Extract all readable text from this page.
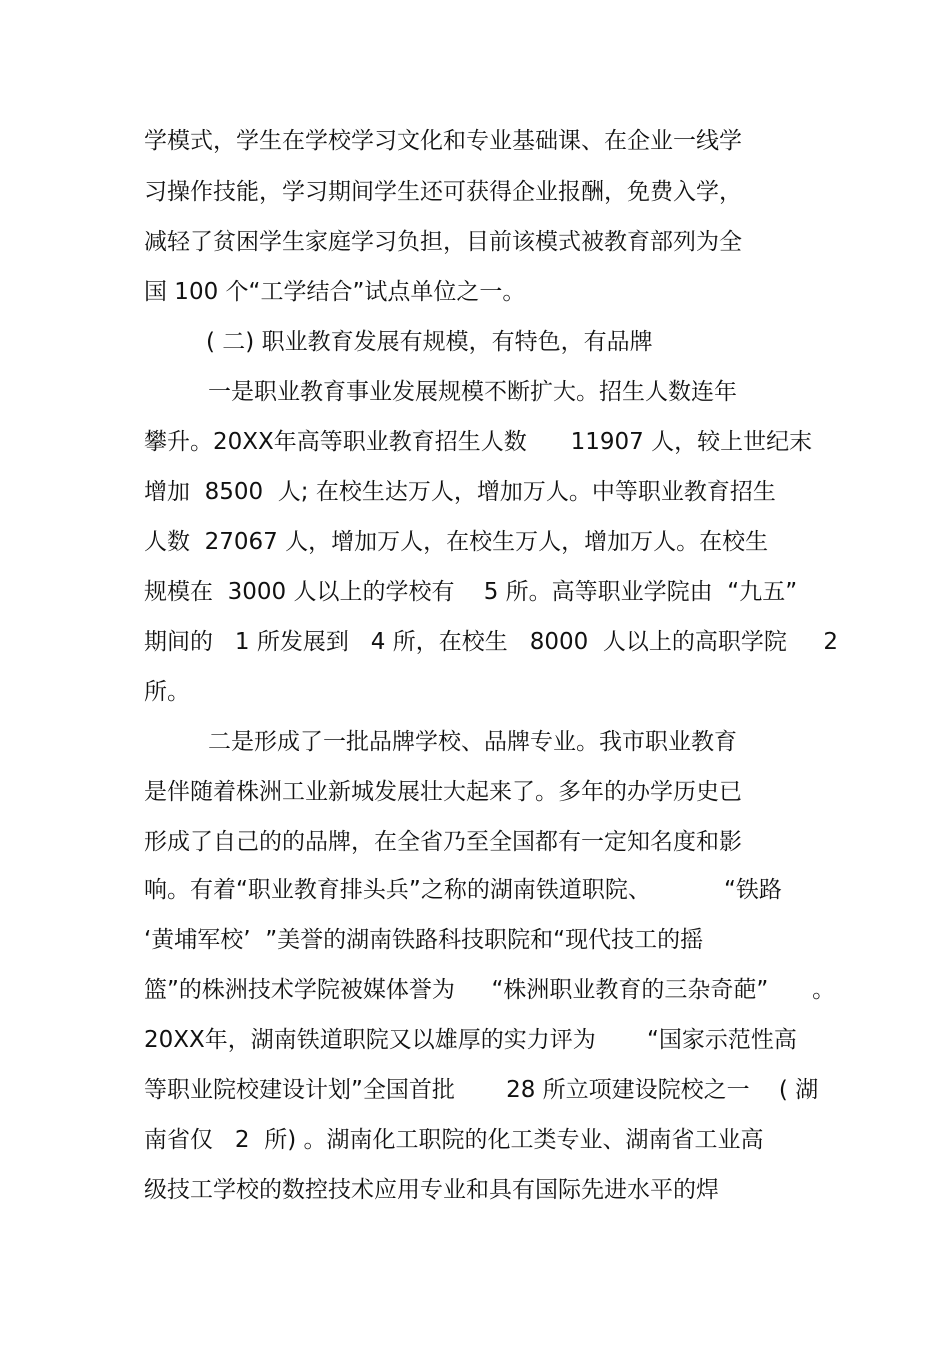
学模式，学生在学校学习文化和专业基础课、在企业一线学
习操作技能，学习期间学生还可获得企业报酬，免费入学，
减轻了贫困学生家庭学习负担，目前该模式被教育部列为全
国 100 个“工学结合”试点单位之一。
( 二) 职业教育发展有规模，有特色，有品牌
一是职业教育事业发展规模不断扩大。招生人数连年
攀升。20XX年高等职业教育招生人数      11907 人，较上世纪末
增加  8500  人; 在校生达万人，增加万人。中等职业教育招生
人数  27067 人，增加万人，在校生万人，增加万人。在校生
规模在  3000 人以上的学校有    5 所。高等职业学院由  “九五”
期间的   1 所发展到   4 所，在校生   8000  人以上的高职学院     2
所。
二是形成了一批品牌学校、品牌专业。我市职业教育
是伴随着株洲工业新城发展壮大起来了。多年的办学历史已
形成了自己的的品牌，在全省乃至全国都有一定知名度和影
响。有着“职业教育排头兵”之称的湖南铁道职院、          “铁路
‘黄埔军校’  ”美誉的湖南铁路科技职院和“现代技工的摇
篮”的株洲技术学院被媒体誉为     “株洲职业教育的三杂奇葩”      。
20XX年，湖南铁道职院又以雄厚的实力评为       “国家示范性高
等职业院校建设计划”全国首批       28 所立项建设院校之一    ( 湖
南省仅   2  所) 。湖南化工职院的化工类专业、湖南省工业高
级技工学校的数控技术应用专业和具有国际先进水平的焊
